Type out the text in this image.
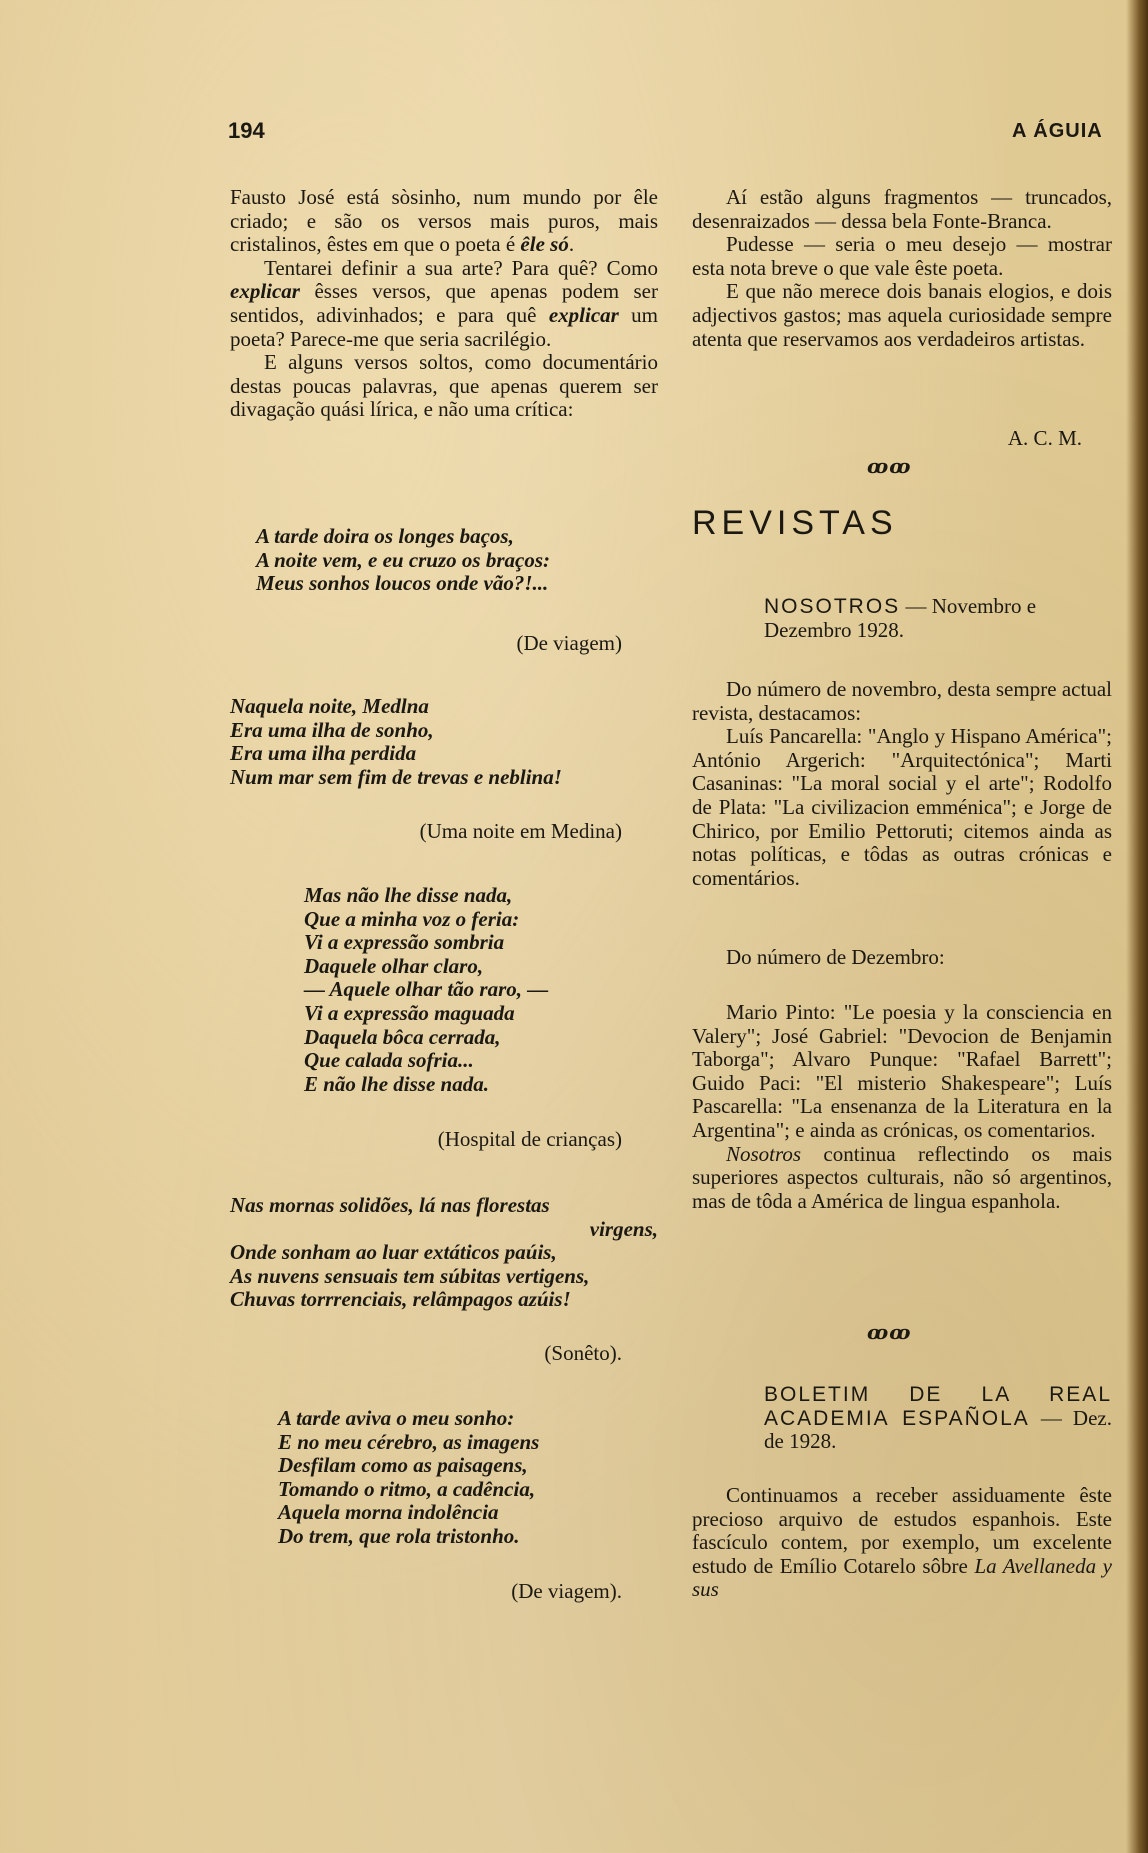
194	A ÁGUIA

Fausto José está sòsinho, num mundo por êle criado; e são os versos mais puros, mais cristalinos, êstes em que o poeta é êle só.

Tentarei definir a sua arte? Para quê? Como explicar êsses versos, que apenas podem ser sentidos, adivinhados; e para quê explicar um poeta? Parece-me que seria sacrilégio.

E alguns versos soltos, como documentário destas poucas palavras, que apenas querem ser divagação quási lírica, e não uma crítica:

A tarde doira os longes baços,
A noite vem, e eu cruzo os braços:
Meus sonhos loucos onde vão?!...
(De viagem)
Naquela noite, Medlna
Era uma ilha de sonho,
Era uma ilha perdida
Num mar sem fim de trevas e neblina!
(Uma noite em Medina)
Mas não lhe disse nada,
Que a minha voz o feria:
Vi a expressão sombria
Daquele olhar claro,
— Aquele olhar tão raro, —
Vi a expressão maguada
Daquela bôca cerrada,
Que calada sofria...
E não lhe disse nada.
(Hospital de crianças)
Nas mornas solidões, lá nas florestas
virgens,
Onde sonham ao luar extáticos paúis,
As nuvens sensuais tem súbitas vertigens,
Chuvas torrrenciais, relâmpagos azúis!
(Sonêto).
A tarde aviva o meu sonho:
E no meu cérebro, as imagens
Desfilam como as paisagens,
Tomando o ritmo, a cadência,
Aquela morna indolência
Do trem, que rola tristonho.
(De viagem).

Aí estão alguns fragmentos — truncados, desenraizados — dessa bela Fonte-Branca.

Pudesse — seria o meu desejo — mostrar esta nota breve o que vale êste poeta.

E que não merece dois banais elogios, e dois adjectivos gastos; mas aquela curiosidade sempre atenta que reservamos aos verdadeiros artistas.

A. C. M.
ꝏꝏ
REVISTAS

NOSOTROS — Novembro e Dezembro 1928.

Do número de novembro, desta sempre actual revista, destacamos:

Luís Pancarella: "Anglo y Hispano América"; António Argerich: "Arquitectónica"; Marti Casaninas: "La moral social y el arte"; Rodolfo de Plata: "La civilizacion emménica"; e Jorge de Chirico, por Emilio Pettoruti; citemos ainda as notas políticas, e tôdas as outras crónicas e comentários.

Do número de Dezembro:

Mario Pinto: "Le poesia y la consciencia en Valery"; José Gabriel: "Devocion de Benjamin Taborga"; Alvaro Punque: "Rafael Barrett"; Guido Paci: "El misterio Shakespeare"; Luís Pascarella: "La ensenanza de la Literatura en la Argentina"; e ainda as crónicas, os comentarios.

Nosotros continua reflectindo os mais superiores aspectos culturais, não só argentinos, mas de tôda a América de lingua espanhola.

ꝏꝏ

BOLETIM DE LA REAL ACADEMIA ESPAÑOLA — Dez. de 1928.

Continuamos a receber assiduamente êste precioso arquivo de estudos espanhois. Este fascículo contem, por exemplo, um excelente estudo de Emílio Cotarelo sôbre La Avellaneda y sus
